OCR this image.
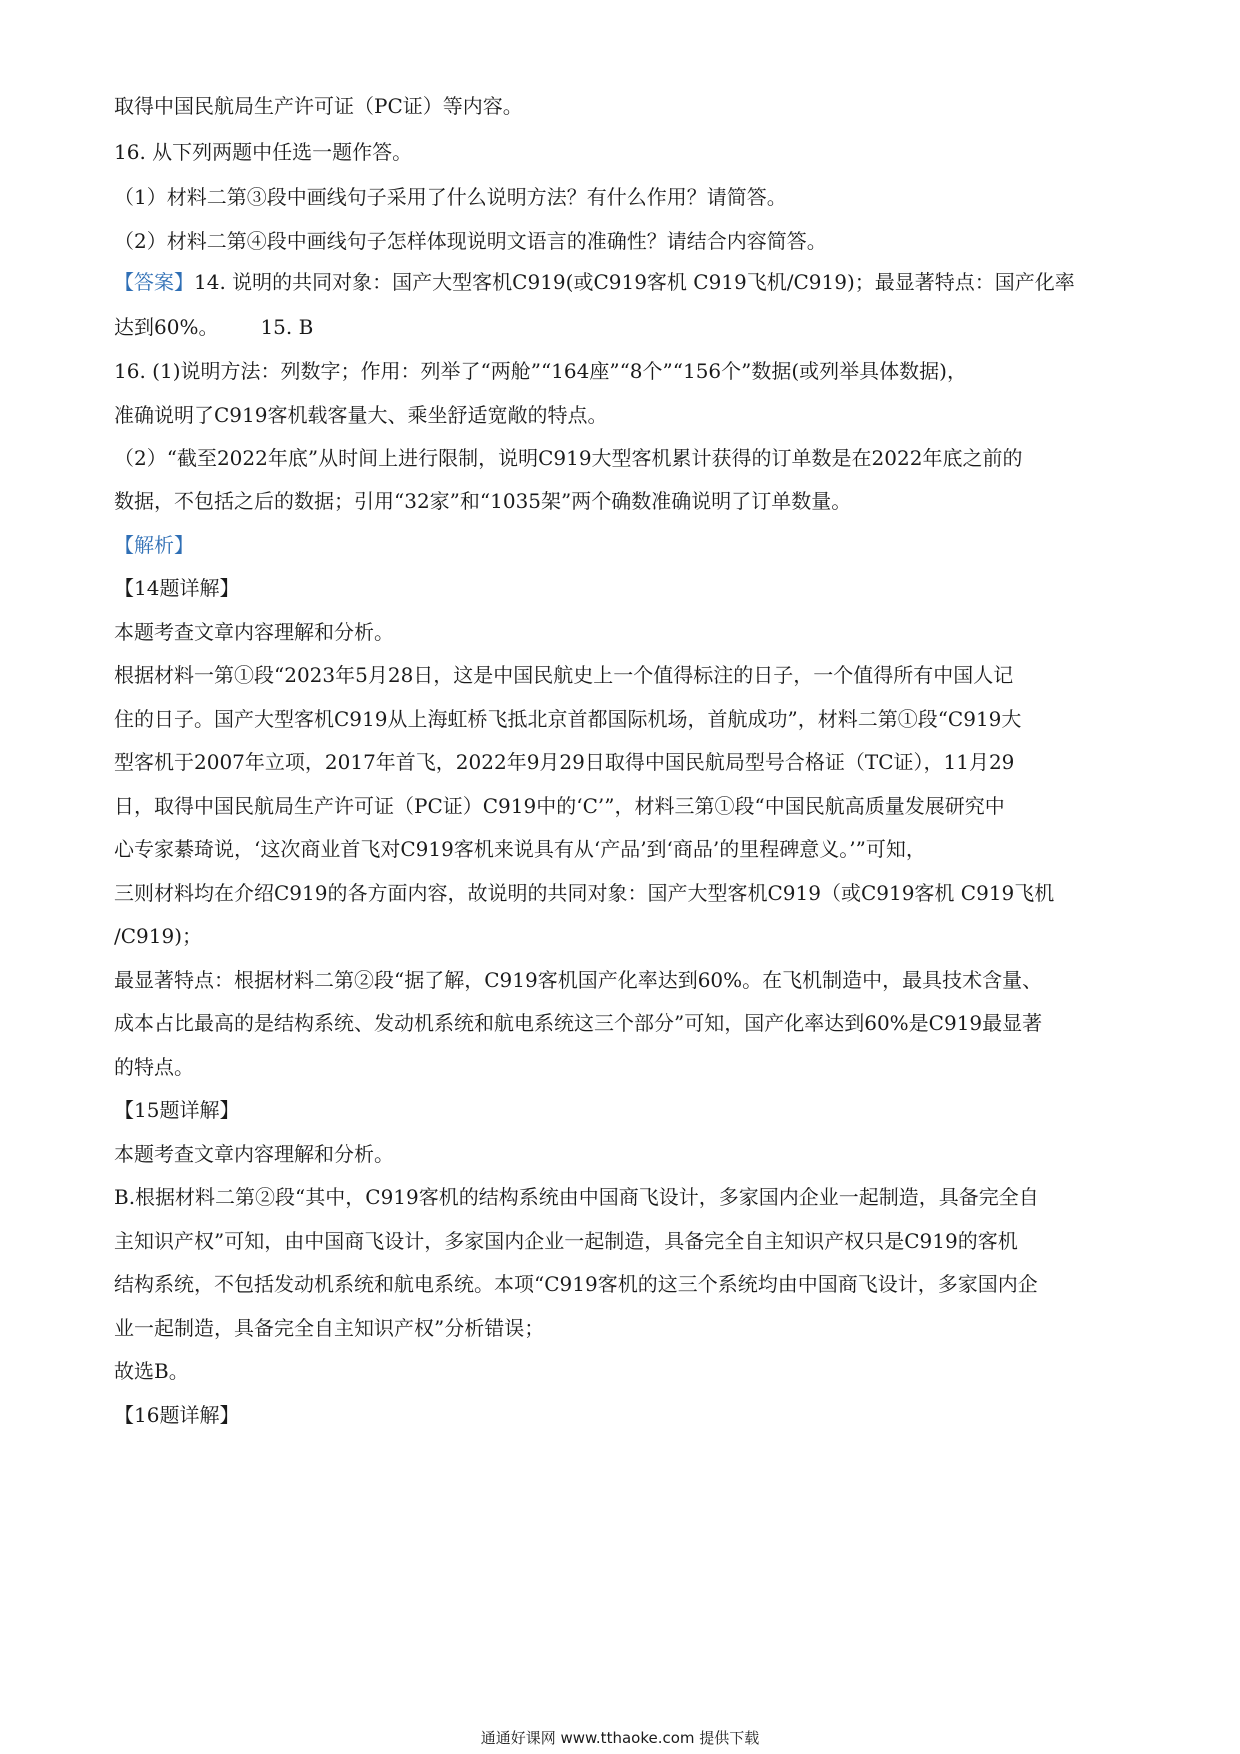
取得中国民航局生产许可证（PC证）等内容。
16. 从下列两题中任选一题作答。
（1）材料二第③段中画线句子采用了什么说明方法？有什么作用？请简答。
（2）材料二第④段中画线句子怎样体现说明文语言的准确性？请结合内容简答。
【答案】14. 说明的共同对象：国产大型客机C919(或C919客机 C919飞机/C919)；最显著特点：国产化率
达到60%。 15. B
16. (1)说明方法：列数字；作用：列举了“两舱”“164座”“8个”“156个”数据(或列举具体数据)，
准确说明了C919客机载客量大、乘坐舒适宽敞的特点。
（2）“截至2022年底”从时间上进行限制，说明C919大型客机累计获得的订单数是在2022年底之前的
数据，不包括之后的数据；引用“32家”和“1035架”两个确数准确说明了订单数量。
【解析】
【14题详解】
本题考查文章内容理解和分析。
根据材料一第①段“2023年5月28日，这是中国民航史上一个值得标注的日子，一个值得所有中国人记
住的日子。国产大型客机C919从上海虹桥飞抵北京首都国际机场，首航成功”，材料二第①段“C919大
型客机于2007年立项，2017年首飞，2022年9月29日取得中国民航局型号合格证（TC证），11月29
日，取得中国民航局生产许可证（PC证）C919中的‘C’”，材料三第①段“中国民航高质量发展研究中
心专家綦琦说，‘这次商业首飞对C919客机来说具有从‘产品’到‘商品’的里程碑意义。’”可知，
三则材料均在介绍C919的各方面内容，故说明的共同对象：国产大型客机C919（或C919客机 C919飞机
/C919)；
最显著特点：根据材料二第②段“据了解，C919客机国产化率达到60%。在飞机制造中，最具技术含量、
成本占比最高的是结构系统、发动机系统和航电系统这三个部分”可知，国产化率达到60%是C919最显著
的特点。
【15题详解】
本题考查文章内容理解和分析。
B.根据材料二第②段“其中，C919客机的结构系统由中国商飞设计，多家国内企业一起制造，具备完全自
主知识产权”可知，由中国商飞设计，多家国内企业一起制造，具备完全自主知识产权只是C919的客机
结构系统，不包括发动机系统和航电系统。本项“C919客机的这三个系统均由中国商飞设计，多家国内企
业一起制造，具备完全自主知识产权”分析错误；
故选B。
【16题详解】
通通好课网 www.tthaoke.com 提供下载
